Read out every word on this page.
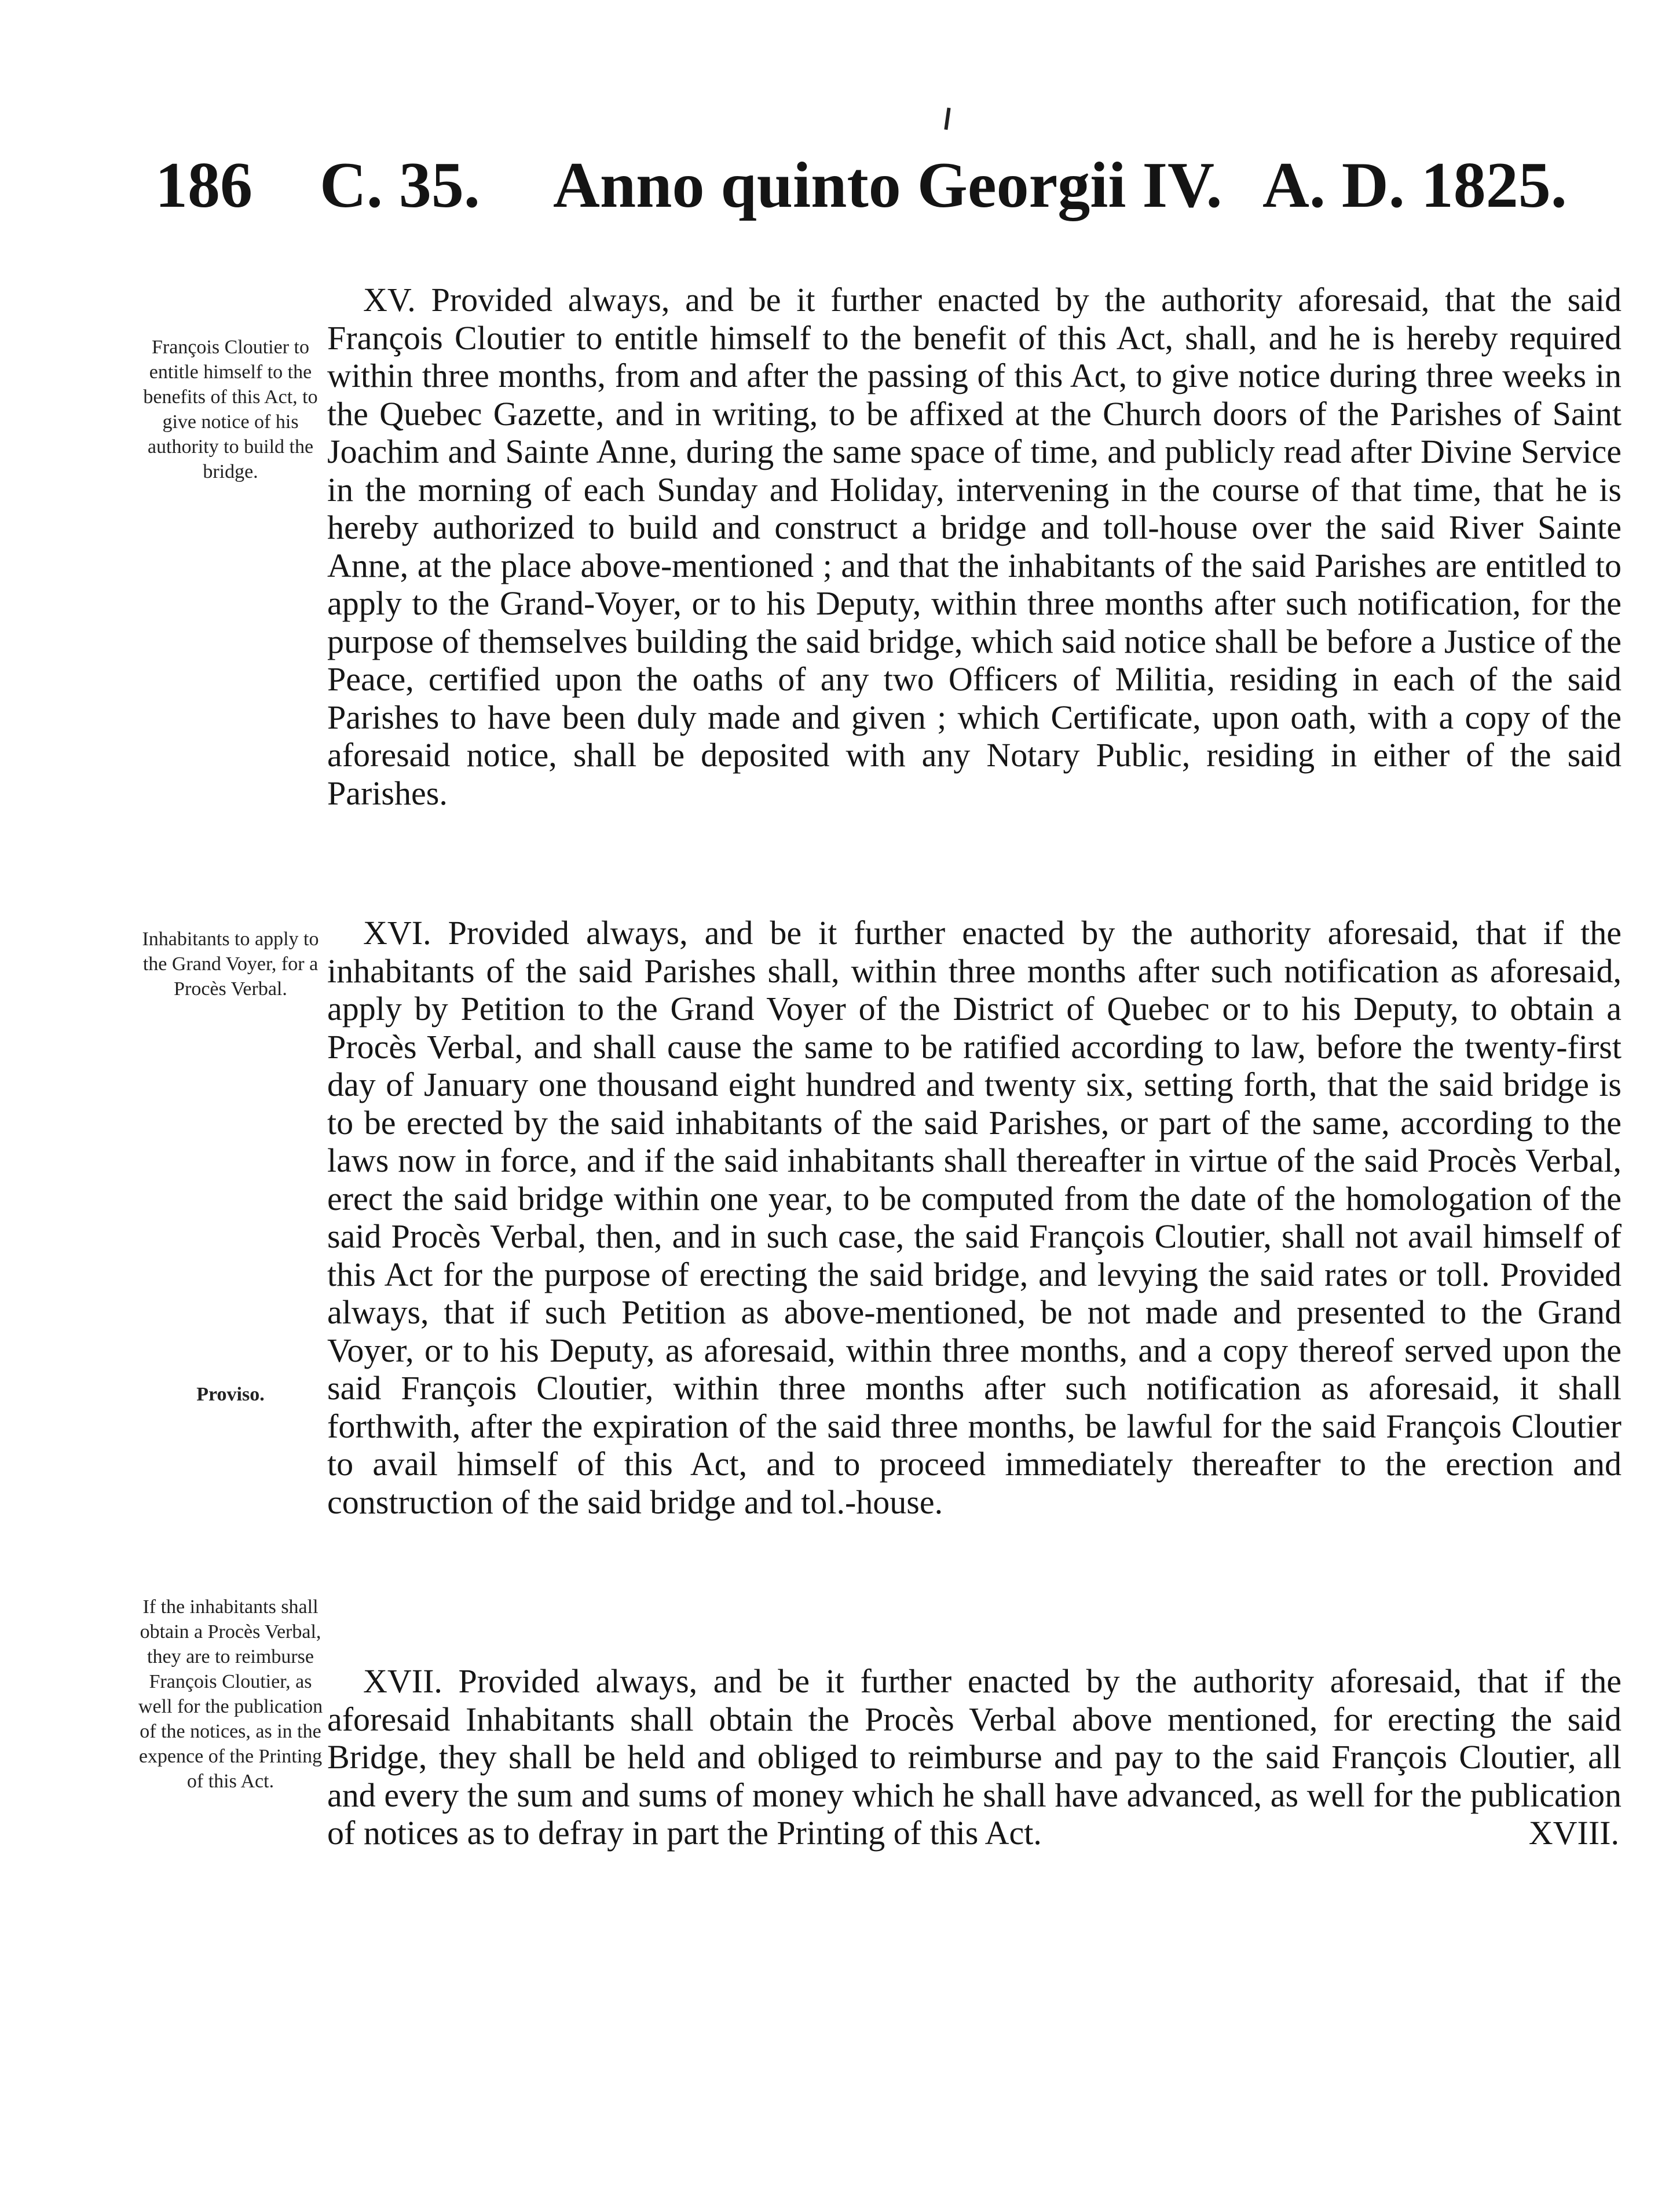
186 C. 35. Anno quinto Georgii IV. A. D. 1825.

François Cloutier to entitle himself to the benefits of this Act, to give notice of his authority to build the bridge.

Inhabitants to apply to the Grand Voyer, for a Procès Verbal.

Proviso.

If the inhabitants shall obtain a Procès Verbal, they are to reimburse François Cloutier, as well for the publication of the notices, as in the expence of the Printing of this Act.

XV. Provided always, and be it further enacted by the authority aforesaid, that the said François Cloutier to entitle himself to the benefit of this Act, shall, and he is hereby required within three months, from and after the passing of this Act, to give notice during three weeks in the Quebec Gazette, and in writing, to be affixed at the Church doors of the Parishes of Saint Joachim and Sainte Anne, during the same space of time, and publicly read after Divine Service in the morning of each Sunday and Holiday, intervening in the course of that time, that he is hereby authorized to build and construct a bridge and toll-house over the said River Sainte Anne, at the place above-mentioned ; and that the inhabitants of the said Parishes are entitled to apply to the Grand-Voyer, or to his Deputy, within three months after such notification, for the purpose of themselves building the said bridge, which said notice shall be before a Justice of the Peace, certified upon the oaths of any two Officers of Militia, residing in each of the said Parishes to have been duly made and given ; which Certificate, upon oath, with a copy of the aforesaid notice, shall be deposited with any Notary Public, residing in either of the said Parishes.

XVI. Provided always, and be it further enacted by the authority aforesaid, that if the inhabitants of the said Parishes shall, within three months after such notification as aforesaid, apply by Petition to the Grand Voyer of the District of Quebec or to his Deputy, to obtain a Procès Verbal, and shall cause the same to be ratified according to law, before the twenty-first day of January one thousand eight hundred and twenty six, setting forth, that the said bridge is to be erected by the said inhabitants of the said Parishes, or part of the same, according to the laws now in force, and if the said inhabitants shall thereafter in virtue of the said Procès Verbal, erect the said bridge within one year, to be computed from the date of the homologation of the said Procès Verbal, then, and in such case, the said François Cloutier, shall not avail himself of this Act for the purpose of erecting the said bridge, and levying the said rates or toll. Provided always, that if such Petition as above-mentioned, be not made and presented to the Grand Voyer, or to his Deputy, as aforesaid, within three months, and a copy thereof served upon the said François Cloutier, within three months after such notification as aforesaid, it shall forthwith, after the expiration of the said three months, be lawful for the said François Cloutier to avail himself of this Act, and to proceed immediately thereafter to the erection and construction of the said bridge and tol.-house.

XVII. Provided always, and be it further enacted by the authority aforesaid, that if the aforesaid Inhabitants shall obtain the Procès Verbal above mentioned, for erecting the said Bridge, they shall be held and obliged to reimburse and pay to the said François Cloutier, all and every the sum and sums of money which he shall have advanced, as well for the publication of notices as to defray in part the Printing of this Act.	XVIII.
